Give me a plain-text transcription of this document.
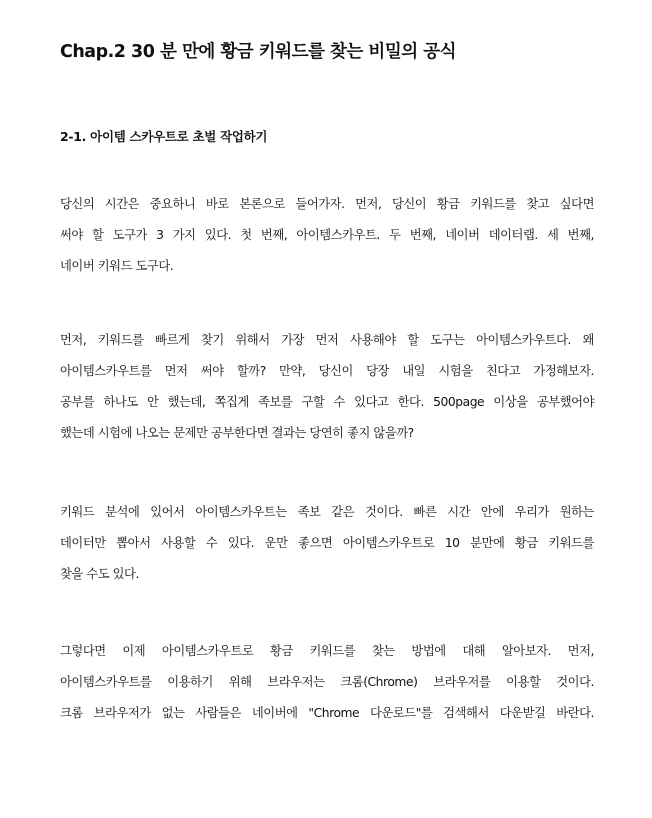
Chap.2 30 분 만에 황금 키워드를 찾는 비밀의 공식
2-1. 아이템 스카우트로 초벌 작업하기
당신의 시간은 중요하니 바로 본론으로 들어가자. 먼저, 당신이 황금 키워드를 찾고 싶다면
써야 할 도구가 3 가지 있다. 첫 번째, 아이템스카우트. 두 번째, 네이버 데이터랩. 세 번째,
네이버 키워드 도구다.
먼저, 키워드를 빠르게 찾기 위해서 가장 먼저 사용해야 할 도구는 아이템스카우트다. 왜
아이템스카우트를 먼저 써야 할까? 만약, 당신이 당장 내일 시험을 친다고 가정해보자.
공부를 하나도 안 했는데, 쪽집게 족보를 구할 수 있다고 한다. 500page 이상을 공부했어야
했는데 시험에 나오는 문제만 공부한다면 결과는 당연히 좋지 않을까?
키워드 분석에 있어서 아이템스카우트는 족보 같은 것이다. 빠른 시간 안에 우리가 원하는
데이터만 뽑아서 사용할 수 있다. 운만 좋으면 아이템스카우트로 10 분만에 황금 키워드를
찾을 수도 있다.
그렇다면 이제 아이템스카우트로 황금 키워드를 찾는 방법에 대해 알아보자. 먼저,
아이템스카우트를 이용하기 위해 브라우저는 크롬(Chrome) 브라우저를 이용할 것이다.
크롬 브라우저가 없는 사람들은 네이버에 "Chrome 다운로드"를 검색해서 다운받길 바란다.
